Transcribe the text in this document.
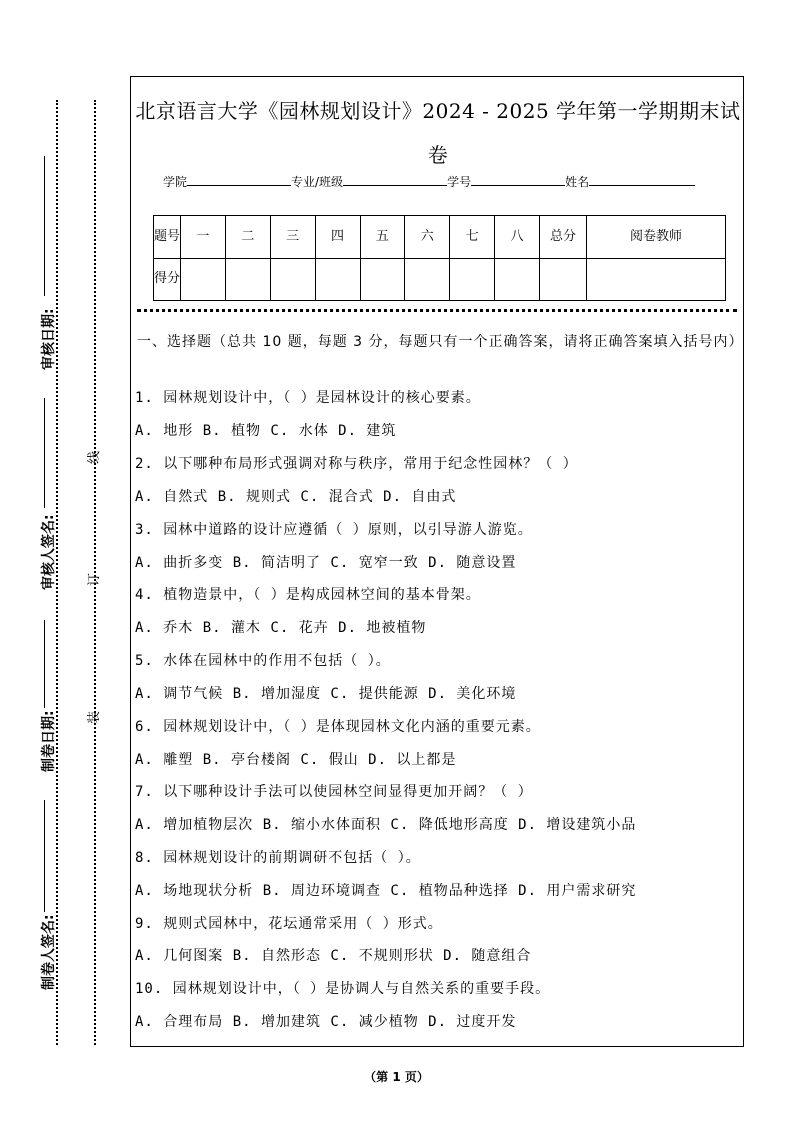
审核日期:
审核人签名:
制卷日期:
制卷人签名:
线
订
装
北京语言大学《园林规划设计》2024 - 2025 学年第一学期期末试卷
学院	专业/班级	学号	姓名
题号	一	二	三	四	五	六	七	八	总分	阅卷教师
得分										
一、选择题（总共 10 题，每题 3 分，每题只有一个正确答案，请将正确答案填入括号内）
1. 园林规划设计中，（ ）是园林设计的核心要素。
A. 地形 B. 植物 C. 水体 D. 建筑
2. 以下哪种布局形式强调对称与秩序，常用于纪念性园林？（ ）
A. 自然式 B. 规则式 C. 混合式 D. 自由式
3. 园林中道路的设计应遵循（ ）原则，以引导游人游览。
A. 曲折多变 B. 简洁明了 C. 宽窄一致 D. 随意设置
4. 植物造景中，（ ）是构成园林空间的基本骨架。
A. 乔木 B. 灌木 C. 花卉 D. 地被植物
5. 水体在园林中的作用不包括（ ）。
A. 调节气候 B. 增加湿度 C. 提供能源 D. 美化环境
6. 园林规划设计中，（ ）是体现园林文化内涵的重要元素。
A. 雕塑 B. 亭台楼阁 C. 假山 D. 以上都是
7. 以下哪种设计手法可以使园林空间显得更加开阔？（ ）
A. 增加植物层次 B. 缩小水体面积 C. 降低地形高度 D. 增设建筑小品
8. 园林规划设计的前期调研不包括（ ）。
A. 场地现状分析 B. 周边环境调查 C. 植物品种选择 D. 用户需求研究
9. 规则式园林中，花坛通常采用（ ）形式。
A. 几何图案 B. 自然形态 C. 不规则形状 D. 随意组合
10. 园林规划设计中，（ ）是协调人与自然关系的重要手段。
A. 合理布局 B. 增加建筑 C. 减少植物 D. 过度开发
（第 1 页）
